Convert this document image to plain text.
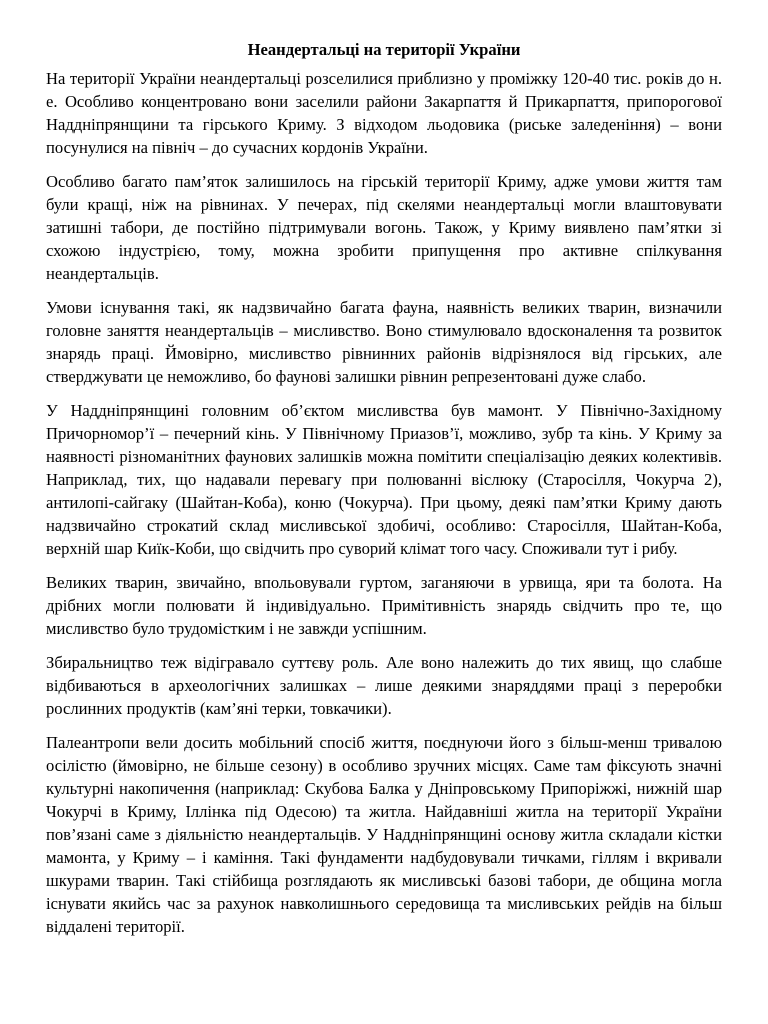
Неандертальці на території України

На території України неандертальці розселилися приблизно у проміжку 120-40 тис. років до н. е. Особливо концентровано вони заселили райони Закарпаття й Прикарпаття, припорогової Наддніпрянщини та гірського Криму. З відходом льодовика (риське заледеніння) – вони посунулися на північ – до сучасних кордонів України.

Особливо багато пам’яток залишилось на гірській території Криму, адже умови життя там були кращі, ніж на рівнинах. У печерах, під скелями неандертальці могли влаштовувати затишні табори, де постійно підтримували вогонь. Також, у Криму виявлено пам’ятки зі схожою індустрією, тому, можна зробити припущення про активне спілкування неандертальців.

Умови існування такі, як надзвичайно багата фауна, наявність великих тварин, визначили головне заняття неандертальців – мисливство. Воно стимулювало вдосконалення та розвиток знарядь праці. Ймовірно, мисливство рівнинних районів відрізнялося від гірських, але стверджувати це неможливо, бо фаунові залишки рівнин репрезентовані дуже слабо.

У Наддніпрянщині головним об’єктом мисливства був мамонт. У Північно-Західному Причорномор’ї – печерний кінь. У Північному Приазов’ї, можливо, зубр та кінь. У Криму за наявності різноманітних фаунових залишків можна помітити спеціалізацію деяких колективів. Наприклад, тих, що надавали перевагу при полюванні віслюку (Старосілля, Чокурча 2), антилопі-сайгаку (Шайтан-Коба), коню (Чокурча). При цьому, деякі пам’ятки Криму дають надзвичайно строкатий склад мисливської здобичі, особливо: Старосілля, Шайтан-Коба, верхній шар Киїк-Коби, що свідчить про суворий клімат того часу. Споживали тут і рибу.

Великих тварин, звичайно, впольовували гуртом, заганяючи в урвища, яри та болота. На дрібних могли полювати й індивідуально. Примітивність знарядь свідчить про те, що мисливство було трудомістким і не завжди успішним.

Збиральництво теж відігравало суттєву роль. Але воно належить до тих явищ, що слабше відбиваються в археологічних залишках – лише деякими знаряддями праці з переробки рослинних продуктів (кам’яні терки, товкачики).

Палеантропи вели досить мобільний спосіб життя, поєднуючи його з більш-менш тривалою осілістю (ймовірно, не більше сезону) в особливо зручних місцях. Саме там фіксують значні культурні накопичення (наприклад: Скубова Балка у Дніпровському Припоріжжі, нижній шар Чокурчі в Криму, Іллінка під Одесою) та житла. Найдавніші житла на території України пов’язані саме з діяльністю неандертальців. У Наддніпрянщині основу житла складали кістки мамонта, у Криму – і каміння. Такі фундаменти надбудовували тичками, гіллям і вкривали шкурами тварин. Такі стійбища розглядають як мисливські базові табори, де община могла існувати якийсь час за рахунок навколишнього середовища та мисливських рейдів на більш віддалені території.
